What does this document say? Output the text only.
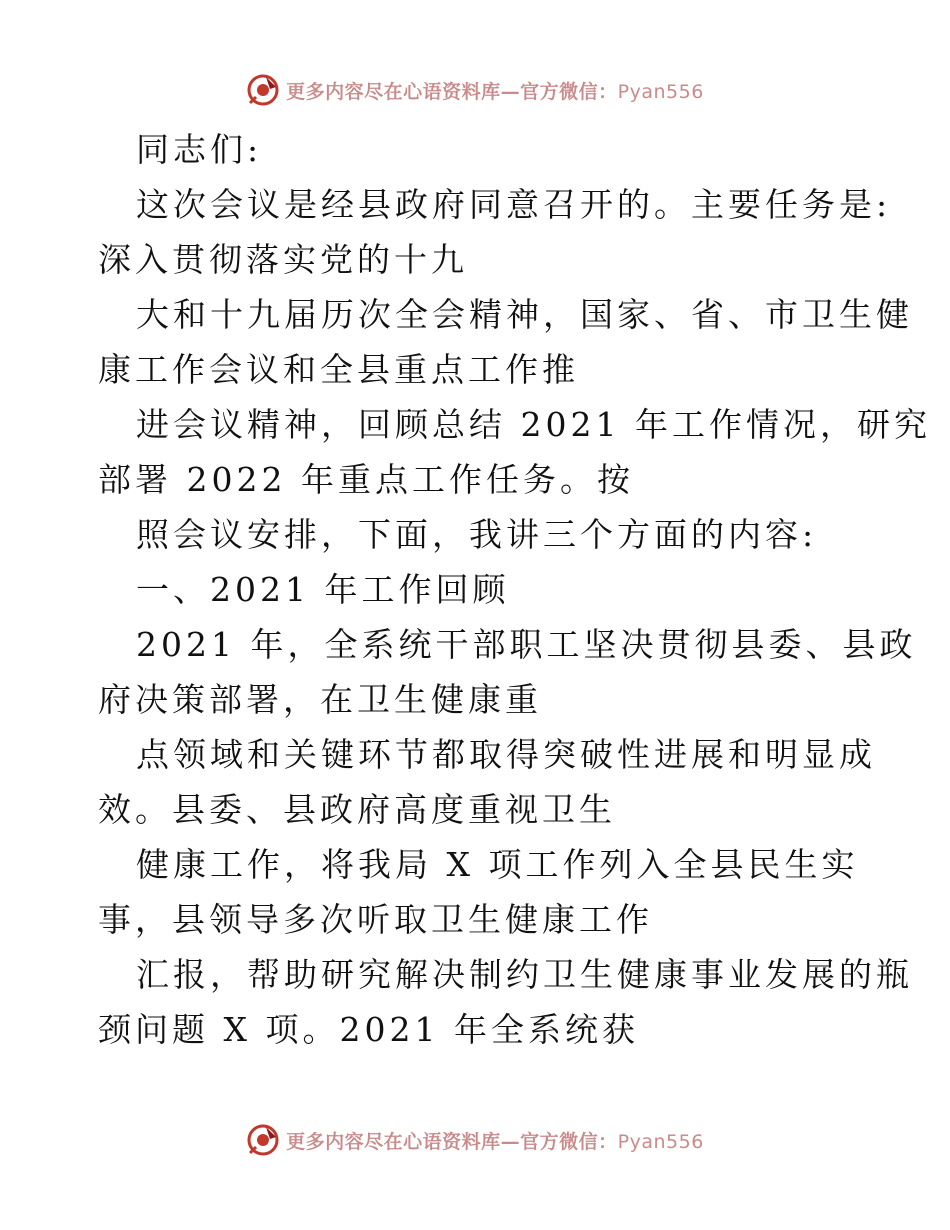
更多内容尽在心语资料库—官方微信：Pyan556
同志们:
这次会议是经县政府同意召开的。主要任务是:
深入贯彻落实党的十九
大和十九届历次全会精神，国家、省、市卫生健
康工作会议和全县重点工作推
进会议精神，回顾总结 2021 年工作情况，研究
部署 2022 年重点工作任务。按
照会议安排，下面，我讲三个方面的内容:
一、2021 年工作回顾
2021 年，全系统干部职工坚决贯彻县委、县政
府决策部署，在卫生健康重
点领域和关键环节都取得突破性进展和明显成
效。县委、县政府高度重视卫生
健康工作，将我局 X 项工作列入全县民生实
事，县领导多次听取卫生健康工作
汇报，帮助研究解决制约卫生健康事业发展的瓶
颈问题 X 项。2021 年全系统获
更多内容尽在心语资料库—官方微信：Pyan556
